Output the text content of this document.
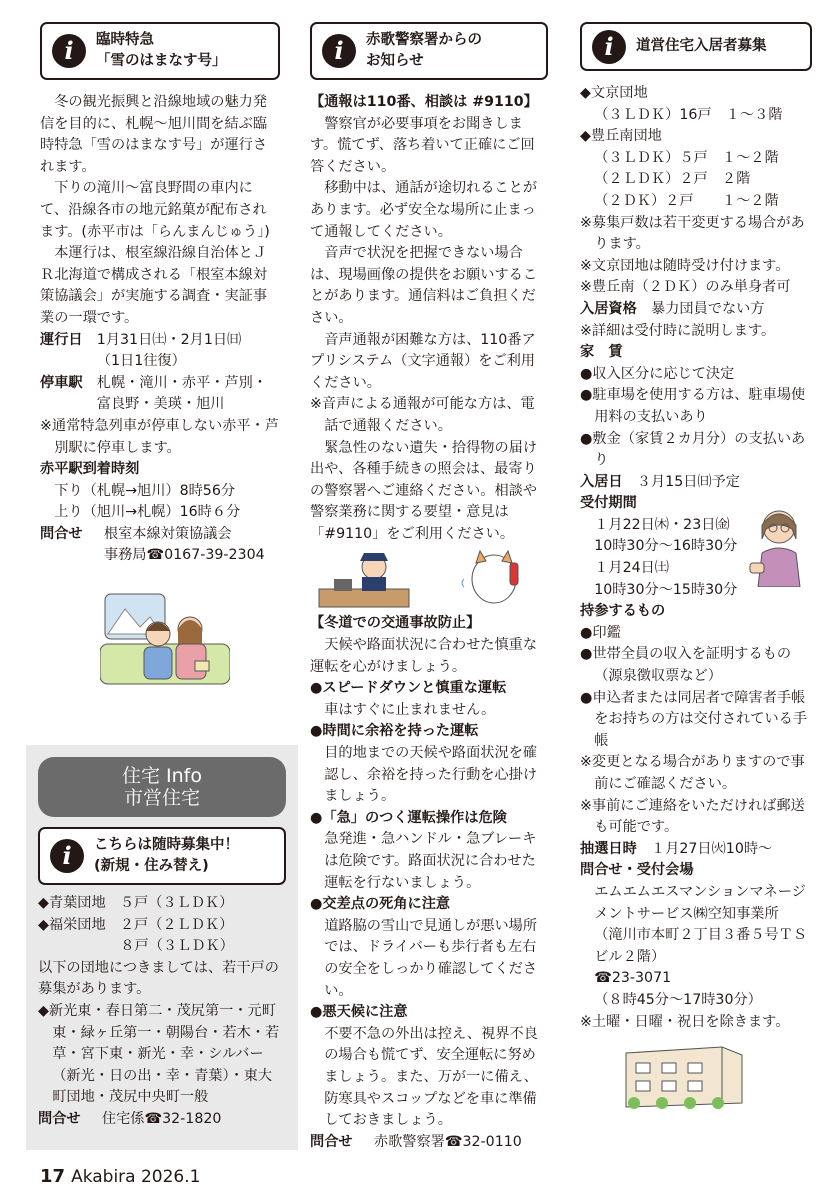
i	臨時特急
「雪のはまなす号」

冬の観光振興と沿線地域の魅力発信を目的に、札幌～旭川間を結ぶ臨時特急「雪のはまなす号」が運行されます。

下りの滝川～富良野間の車内にて、沿線各市の地元銘菓が配布されます。(赤平市は「らんまんじゅう」)

本運行は、根室線沿線自治体とＪＲ北海道で構成される「根室本線対策協議会」が実施する調査・実証事業の一環です。

運行日	1月31日㈯・2月1日㈰
（1日1往復）
停車駅	札幌・滝川・赤平・芦別・富良野・美瑛・旭川

※通常特急列車が停車しない赤平・芦別駅に停車します。

赤平駅到着時刻
下り（札幌→旭川）8時56分
上り（旭川→札幌）16時６分
問合せ	根室本線対策協議会
事務局☎0167-39-2304
住宅 Info
市営住宅
i	こちらは随時募集中！
(新規・住み替え)
◆青葉団地　５戸（３ＬＤＫ）
◆福栄団地　２戸（２ＬＤＫ）
８戸（３ＬＤＫ）

以下の団地につきましては、若干戸の募集があります。

◆新光東・春日第二・茂尻第一・元町東・緑ヶ丘第一・朝陽台・若木・若草・宮下東・新光・幸・シルバー（新光・日の出・幸・青葉）・東大町団地・茂尻中央町一般

問合せ	住宅係☎32-1820
i	赤歌警察署からの
お知らせ
【通報は110番、相談は #9110】

警察官が必要事項をお聞きします。慌てず、落ち着いて正確にご回答ください。

移動中は、通話が途切れることがあります。必ず安全な場所に止まって通報してください。

音声で状況を把握できない場合は、現場画像の提供をお願いすることがあります。通信料はご負担ください。

音声通報が困難な方は、110番アプリシステム（文字通報）をご利用ください。

※音声による通報が可能な方は、電話で通報ください。

緊急性のない遺失・拾得物の届け出や、各種手続きの照会は、最寄りの警察署へご連絡ください。相談や警察業務に関する要望・意見は「#9110」をご利用ください。

【冬道での交通事故防止】

天候や路面状況に合わせた慎重な運転を心がけましょう。

●スピードダウンと慎重な運転
車はすぐに止まれません。
●時間に余裕を持った運転
目的地までの天候や路面状況を確認し、余裕を持った行動を心掛けましょう。
●「急」のつく運転操作は危険
急発進・急ハンドル・急ブレーキは危険です。路面状況に合わせた運転を行ないましょう。
●交差点の死角に注意
道路脇の雪山で見通しが悪い場所では、ドライバーも歩行者も左右の安全をしっかり確認してください。
●悪天候に注意
不要不急の外出は控え、視界不良の場合も慌てず、安全運転に努めましょう。また、万が一に備え、防寒具やスコップなどを車に準備しておきましょう。
問合せ	赤歌警察署☎32-0110
i	道営住宅入居者募集
◆文京団地
（３ＬＤＫ）16戸　１～３階
◆豊丘南団地
（３ＬＤＫ）５戸　１～２階
（２ＬＤＫ）２戸　２階
（２ＤＫ）２戸　　１～２階

※募集戸数は若干変更する場合があります。

※文京団地は随時受け付けます。

※豊丘南（２ＤＫ）のみ単身者可

入居資格	暴力団員でない方

※詳細は受付時に説明します。

家　賃

●収入区分に応じて決定

●駐車場を使用する方は、駐車場使用料の支払いあり

●敷金（家賃２カ月分）の支払いあり

入居日	３月15日㈰予定
受付期間
１月22日㈭・23日㈮
10時30分～16時30分
１月24日㈯
10時30分～15時30分
持参するもの

●印鑑

●世帯全員の収入を証明するもの（源泉徴収票など）

●申込者または同居者で障害者手帳をお持ちの方は交付されている手帳

※変更となる場合がありますので事前にご確認ください。

※事前にご連絡をいただければ郵送も可能です。

抽選日時	１月27日㈫10時～
問合せ・受付会場
エムエムエスマンションマネージメントサービス㈱空知事業所
（滝川市本町２丁目３番５号ＴＳビル２階）
☎23-3071
（８時45分～17時30分）

※土曜・日曜・祝日を除きます。

17 Akabira 2026.1
